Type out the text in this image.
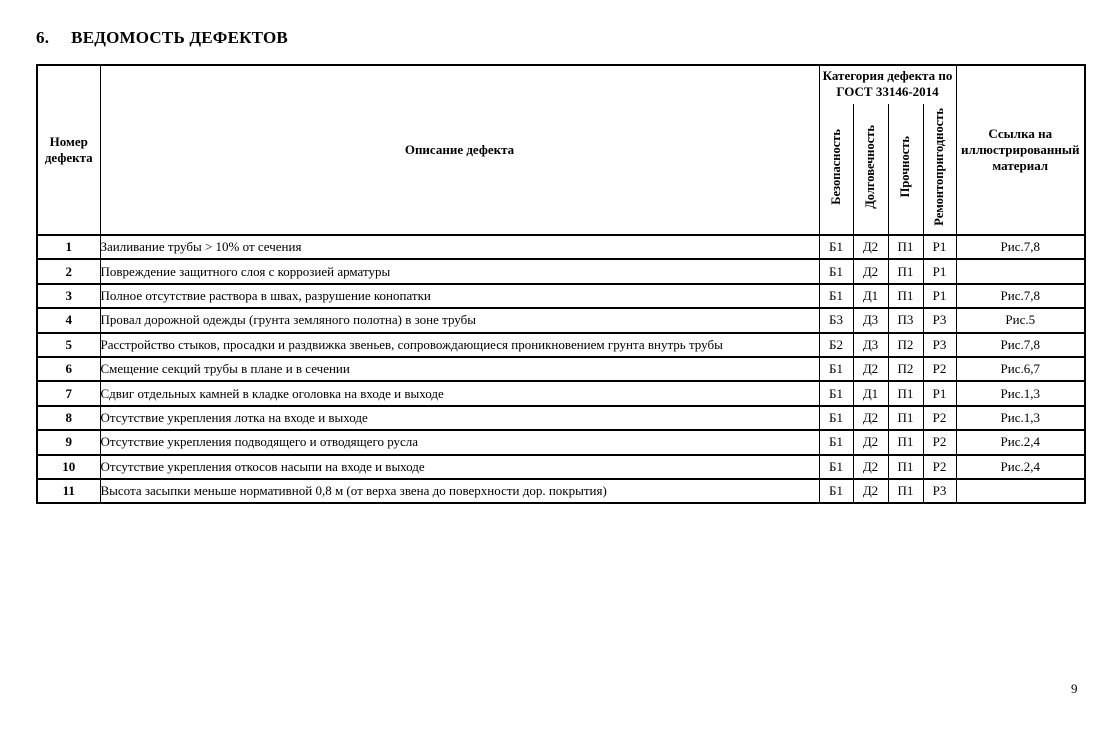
6. ВЕДОМОСТЬ ДЕФЕКТОВ
Номер дефекта	Описание дефекта	Категория дефекта по ГОСТ 33146-2014				Ссылка на иллюстрированный материал
		Безопасность	Долговечность	Прочность	Ремонтопригодность	
1	Заиливание трубы > 10% от сечения	Б1	Д2	П1	Р1	Рис.7,8
2	Повреждение защитного слоя с коррозией арматуры	Б1	Д2	П1	Р1	
3	Полное отсутствие раствора в швах, разрушение конопатки	Б1	Д1	П1	Р1	Рис.7,8
4	Провал дорожной одежды (грунта земляного полотна) в зоне трубы	Б3	Д3	П3	Р3	Рис.5
5	Расстройство стыков, просадки и раздвижка звеньев, сопровождающиеся проникновением грунта внутрь трубы	Б2	Д3	П2	Р3	Рис.7,8
6	Смещение секций трубы в плане и в сечении	Б1	Д2	П2	Р2	Рис.6,7
7	Сдвиг отдельных камней в кладке оголовка на входе и выходе	Б1	Д1	П1	Р1	Рис.1,3
8	Отсутствие укрепления лотка на входе и выходе	Б1	Д2	П1	Р2	Рис.1,3
9	Отсутствие укрепления подводящего и отводящего русла	Б1	Д2	П1	Р2	Рис.2,4
10	Отсутствие укрепления откосов насыпи на входе и выходе	Б1	Д2	П1	Р2	Рис.2,4
11	Высота засыпки меньше нормативной 0,8 м (от верха звена до поверхности дор. покрытия)	Б1	Д2	П1	Р3	
9
